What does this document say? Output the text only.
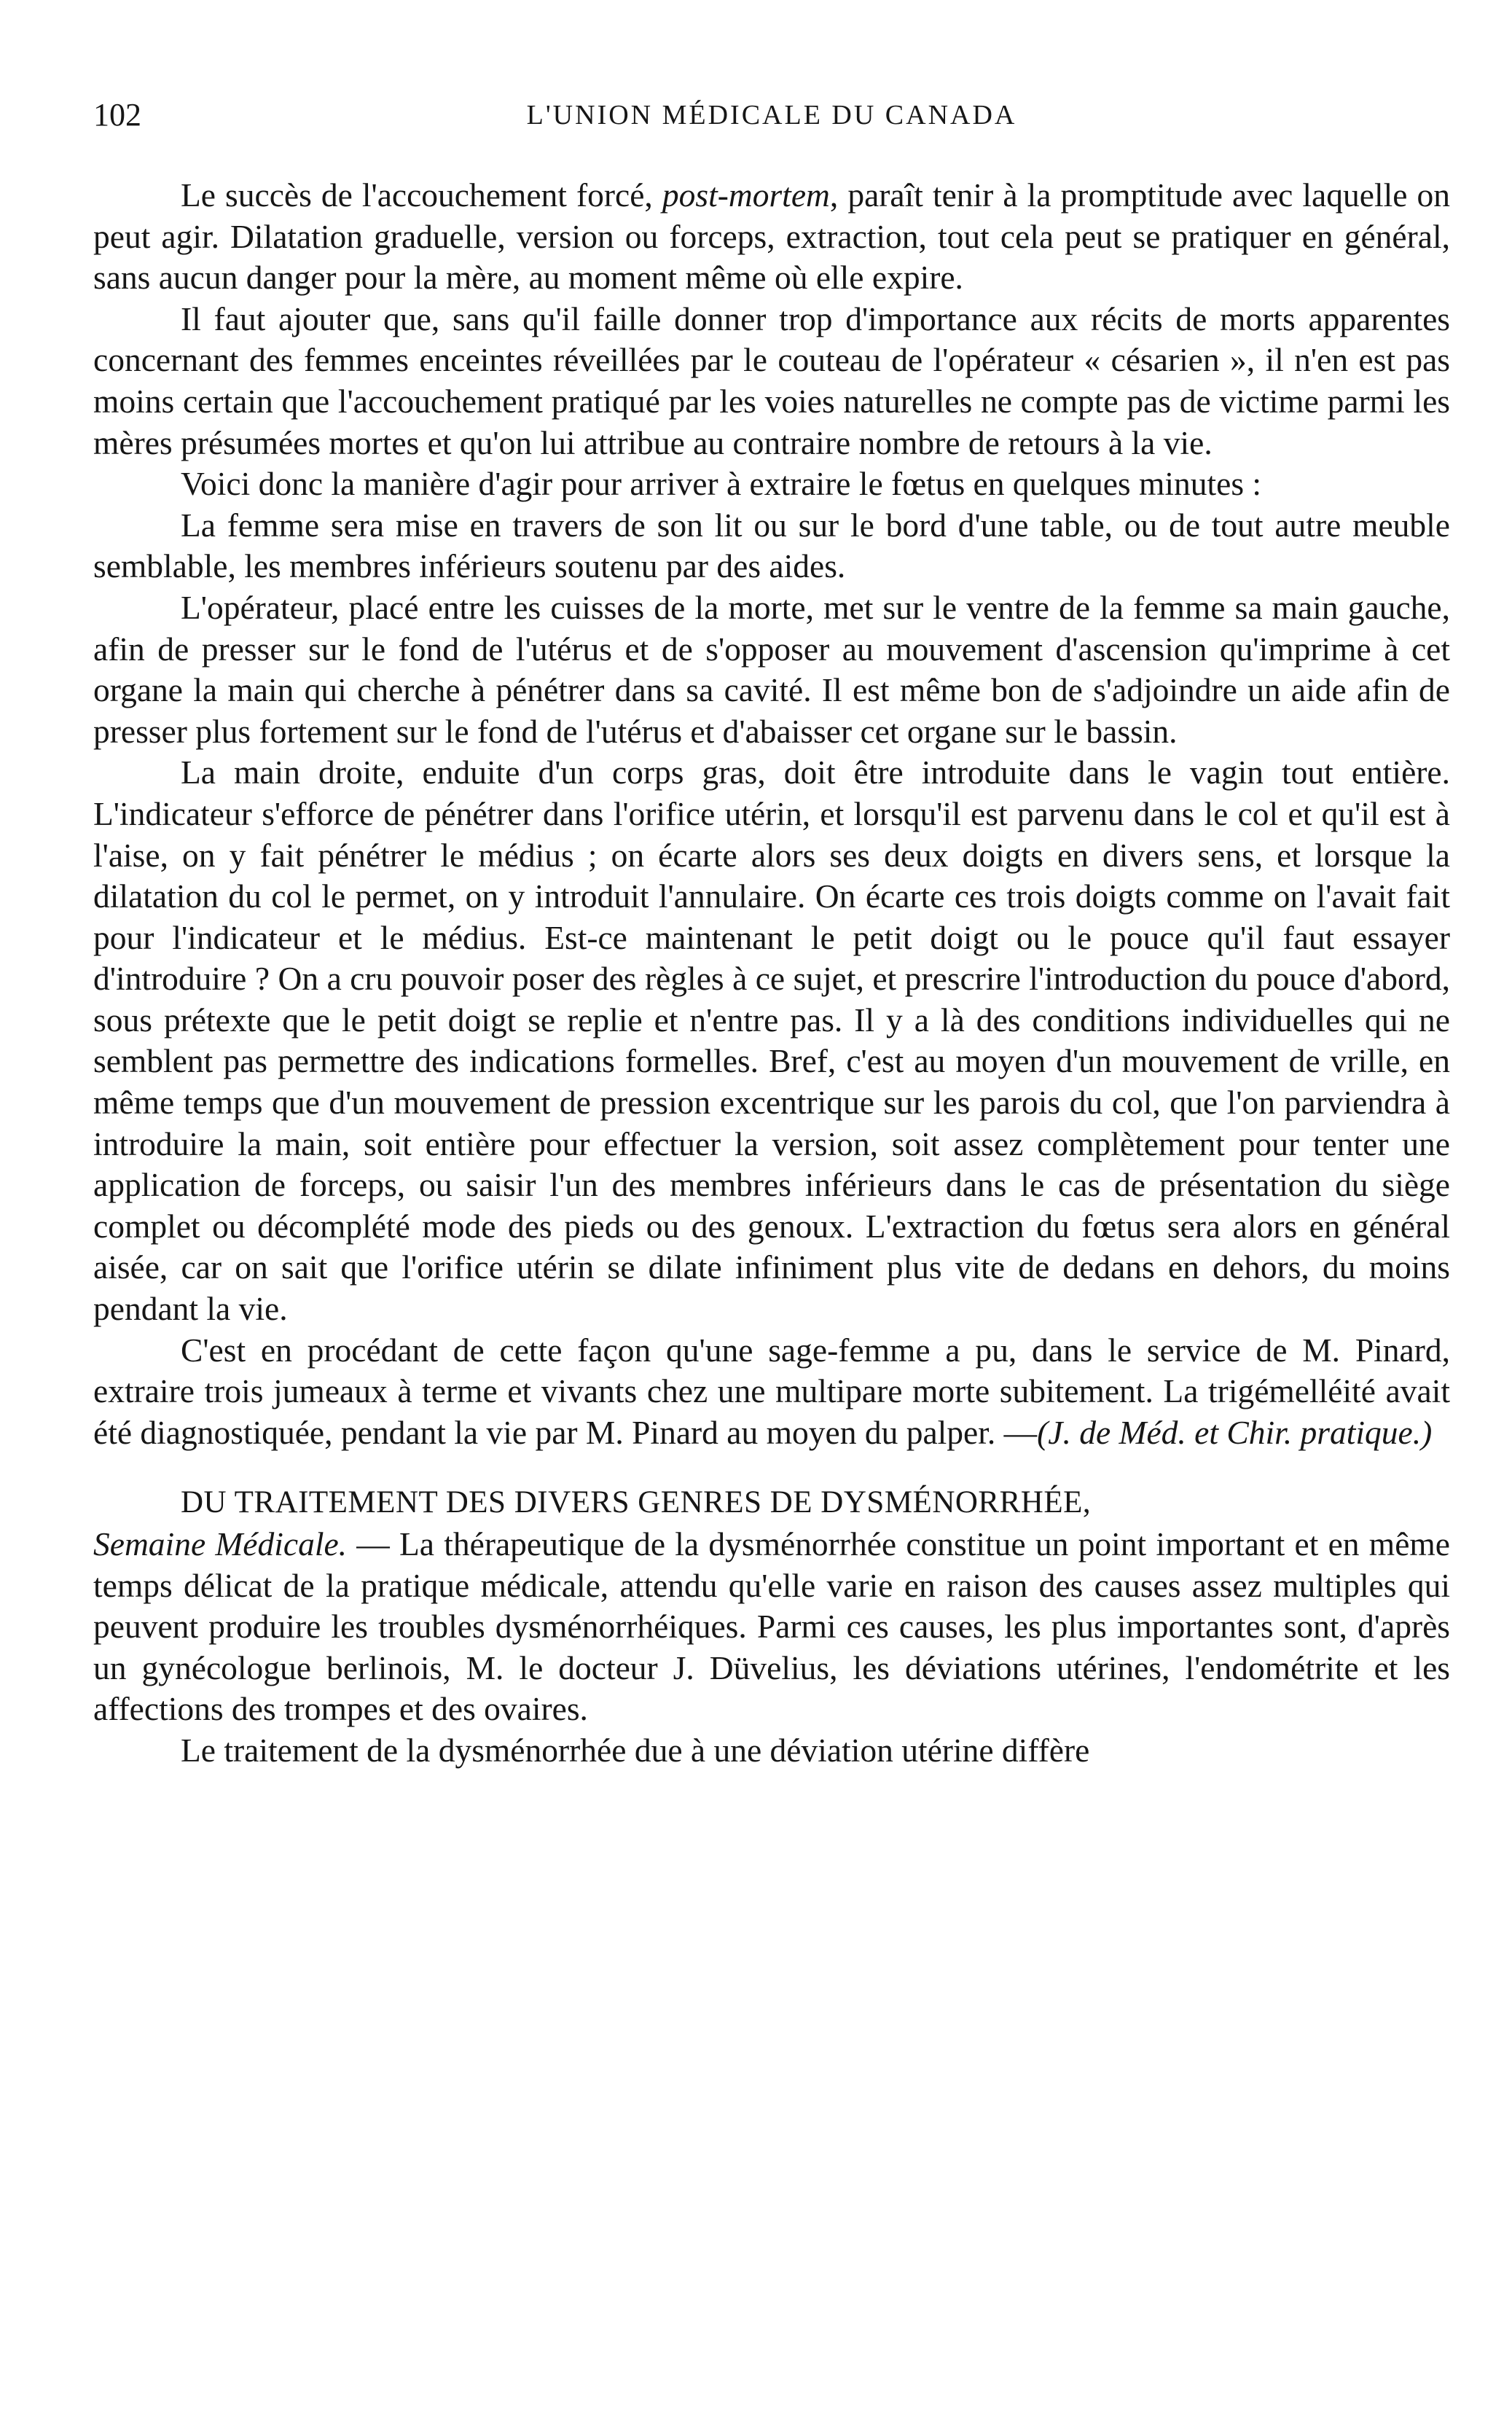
102	L'UNION MÉDICALE DU CANADA

Le succès de l'accouchement forcé, post-mortem, paraît tenir à la promptitude avec laquelle on peut agir. Dilatation graduelle, version ou forceps, extraction, tout cela peut se pratiquer en général, sans aucun danger pour la mère, au moment même où elle expire.

Il faut ajouter que, sans qu'il faille donner trop d'importance aux récits de morts apparentes concernant des femmes enceintes réveillées par le couteau de l'opérateur « césarien », il n'en est pas moins certain que l'accouchement pratiqué par les voies naturelles ne compte pas de victime parmi les mères présumées mortes et qu'on lui attribue au contraire nombre de retours à la vie.

Voici donc la manière d'agir pour arriver à extraire le fœtus en quelques minutes :

La femme sera mise en travers de son lit ou sur le bord d'une table, ou de tout autre meuble semblable, les membres inférieurs soutenu par des aides.

L'opérateur, placé entre les cuisses de la morte, met sur le ventre de la femme sa main gauche, afin de presser sur le fond de l'utérus et de s'opposer au mouvement d'ascension qu'imprime à cet organe la main qui cherche à pénétrer dans sa cavité. Il est même bon de s'adjoindre un aide afin de presser plus fortement sur le fond de l'utérus et d'abaisser cet organe sur le bassin.

La main droite, enduite d'un corps gras, doit être introduite dans le vagin tout entière. L'indicateur s'efforce de pénétrer dans l'orifice utérin, et lorsqu'il est parvenu dans le col et qu'il est à l'aise, on y fait pénétrer le médius ; on écarte alors ses deux doigts en divers sens, et lorsque la dilatation du col le permet, on y introduit l'annulaire. On écarte ces trois doigts comme on l'avait fait pour l'indicateur et le médius. Est-ce maintenant le petit doigt ou le pouce qu'il faut essayer d'introduire ? On a cru pouvoir poser des règles à ce sujet, et prescrire l'introduction du pouce d'abord, sous prétexte que le petit doigt se replie et n'entre pas. Il y a là des conditions individuelles qui ne semblent pas permettre des indications formelles. Bref, c'est au moyen d'un mouvement de vrille, en même temps que d'un mouvement de pression excentrique sur les parois du col, que l'on parviendra à introduire la main, soit entière pour effectuer la version, soit assez complètement pour tenter une application de forceps, ou saisir l'un des membres inférieurs dans le cas de présentation du siège complet ou décomplété mode des pieds ou des genoux. L'extraction du fœtus sera alors en général aisée, car on sait que l'orifice utérin se dilate infiniment plus vite de dedans en dehors, du moins pendant la vie.

C'est en procédant de cette façon qu'une sage-femme a pu, dans le service de M. Pinard, extraire trois jumeaux à terme et vivants chez une multipare morte subitement. La trigémelléité avait été diagnostiquée, pendant la vie par M. Pinard au moyen du palper. —(J. de Méd. et Chir. pratique.)

DU TRAITEMENT DES DIVERS GENRES DE DYSMÉNORRHÉE,

Semaine Médicale. — La thérapeutique de la dysménorrhée constitue un point important et en même temps délicat de la pratique médicale, attendu qu'elle varie en raison des causes assez multiples qui peuvent produire les troubles dysménorrhéiques. Parmi ces causes, les plus importantes sont, d'après un gynécologue berlinois, M. le docteur J. Düvelius, les déviations utérines, l'endométrite et les affections des trompes et des ovaires.

Le traitement de la dysménorrhée due à une déviation utérine diffère
